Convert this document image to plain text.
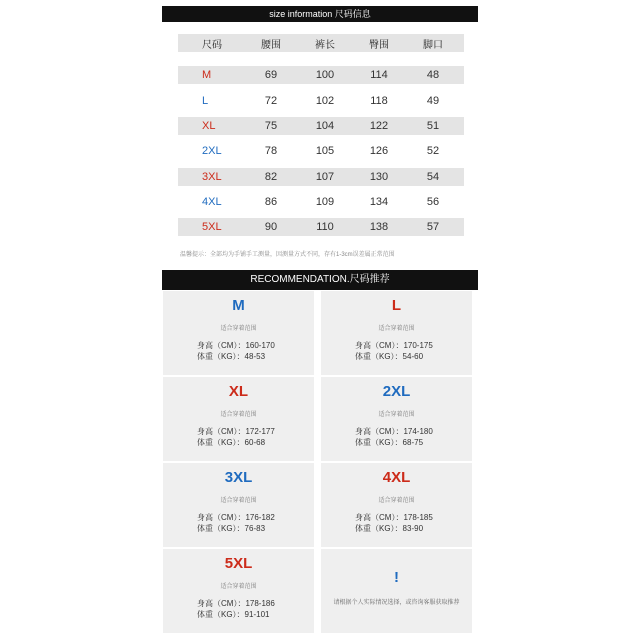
size information 尺码信息
尺码	腰围	裤长	臀围	脚口
M	69	100	114	48
L	72	102	118	49
XL	75	104	122	51
2XL	78	105	126	52
3XL	82	107	130	54
4XL	86	109	134	56
5XL	90	110	138	57
温馨提示：全部均为手铺手工测量，因测量方式不同，存有1-3cm误差属正常范围
RECOMMENDATION.尺码推荐
M
适合穿着范围
身高（CM）：160-170
体重（KG）：48-53
L
适合穿着范围
身高（CM）：170-175
体重（KG）：54-60
XL
适合穿着范围
身高（CM）：172-177
体重（KG）：60-68
2XL
适合穿着范围
身高（CM）：174-180
体重（KG）：68-75
3XL
适合穿着范围
身高（CM）：176-182
体重（KG）：76-83
4XL
适合穿着范围
身高（CM）：178-185
体重（KG）：83-90
5XL
适合穿着范围
身高（CM）：178-186
体重（KG）：91-101
!
请根据个人实际情况选择，或咨询客服获取推荐
